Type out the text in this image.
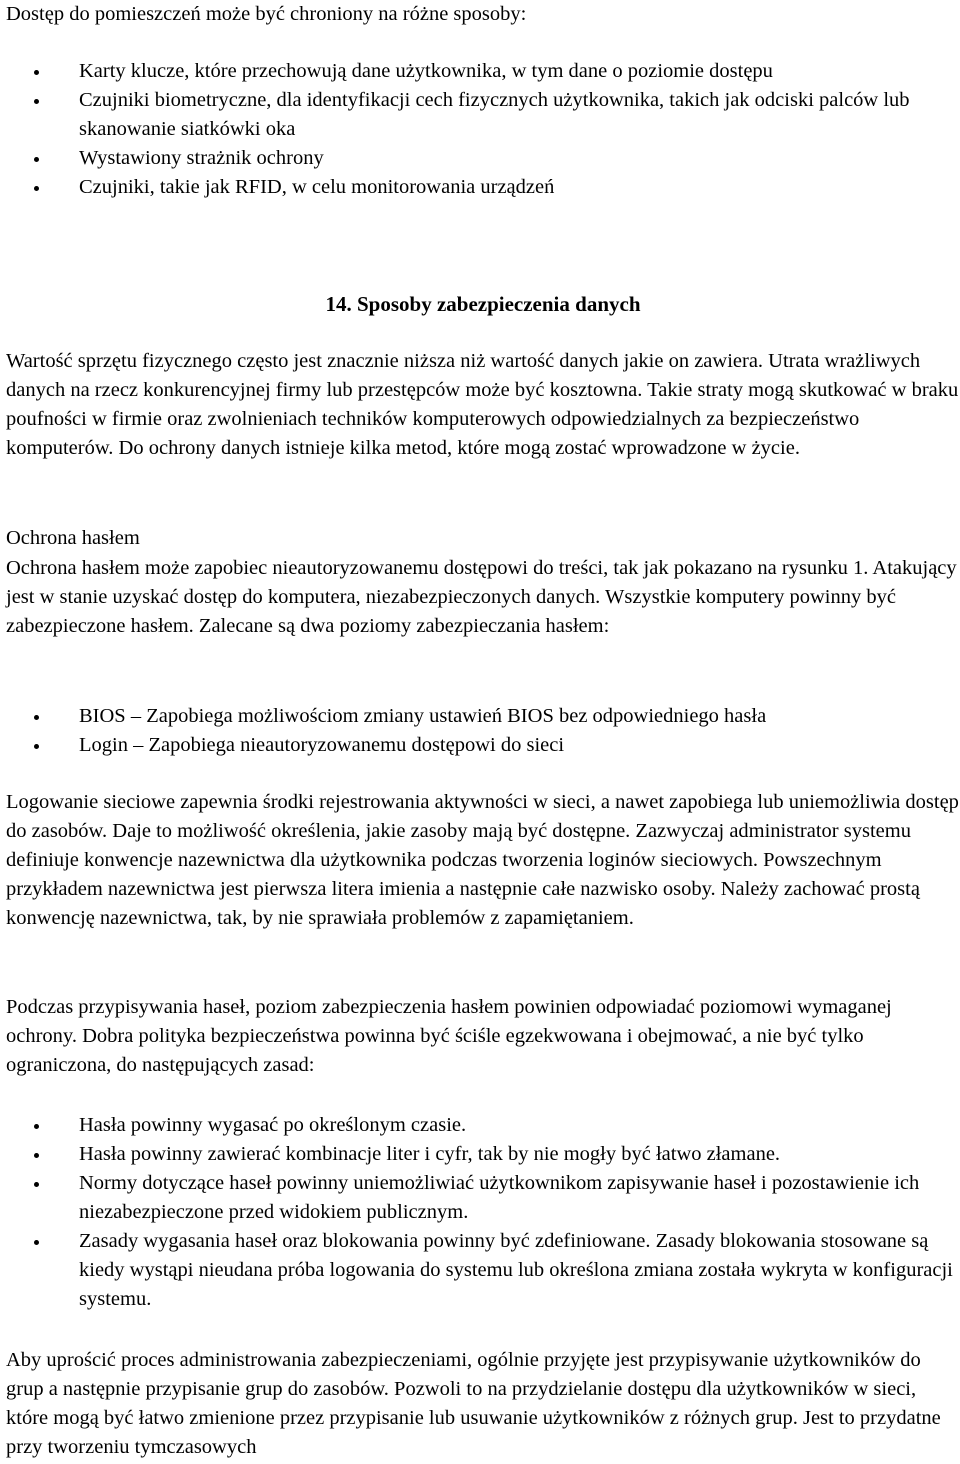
Dostęp do pomieszczeń może być chroniony na różne sposoby:

Karty klucze, które przechowują dane użytkownika, w tym dane o poziomie dostępu
Czujniki biometryczne, dla identyfikacji cech fizycznych użytkownika, takich jak odciski palców lub skanowanie siatkówki oka
Wystawiony strażnik ochrony
Czujniki, takie jak RFID, w celu monitorowania urządzeń

14. Sposoby zabezpieczenia danych

Wartość sprzętu fizycznego często jest znacznie niższa niż wartość danych jakie on zawiera. Utrata wrażliwych danych na rzecz konkurencyjnej firmy lub przestępców może być kosztowna. Takie straty mogą skutkować w braku poufności w firmie oraz zwolnieniach techników komputerowych odpowiedzialnych za bezpieczeństwo komputerów. Do ochrony danych istnieje kilka metod, które mogą zostać wprowadzone w życie.

Ochrona hasłem

Ochrona hasłem może zapobiec nieautoryzowanemu dostępowi do treści, tak jak pokazano na rysunku 1. Atakujący jest w stanie uzyskać dostęp do komputera, niezabezpieczonych danych. Wszystkie komputery powinny być zabezpieczone hasłem. Zalecane są dwa poziomy zabezpieczania hasłem:

BIOS – Zapobiega możliwościom zmiany ustawień BIOS bez odpowiedniego hasła
Login – Zapobiega nieautoryzowanemu dostępowi do sieci

Logowanie sieciowe zapewnia środki rejestrowania aktywności w sieci, a nawet zapobiega lub uniemożliwia dostęp do zasobów. Daje to możliwość określenia, jakie zasoby mają być dostępne. Zazwyczaj administrator systemu definiuje konwencje nazewnictwa dla użytkownika podczas tworzenia loginów sieciowych. Powszechnym przykładem nazewnictwa jest pierwsza litera imienia a następnie całe nazwisko osoby. Należy zachować prostą konwencję nazewnictwa, tak, by nie sprawiała problemów z zapamiętaniem.

Podczas przypisywania haseł, poziom zabezpieczenia hasłem powinien odpowiadać poziomowi wymaganej ochrony. Dobra polityka bezpieczeństwa powinna być ściśle egzekwowana i obejmować, a nie być tylko ograniczona, do następujących zasad:

Hasła powinny wygasać po określonym czasie.
Hasła powinny zawierać kombinacje liter i cyfr, tak by nie mogły być łatwo złamane.
Normy dotyczące haseł powinny uniemożliwiać użytkownikom zapisywanie haseł i pozostawienie ich niezabezpieczone przed widokiem publicznym.
Zasady wygasania haseł oraz blokowania powinny być zdefiniowane. Zasady blokowania stosowane są kiedy wystąpi nieudana próba logowania do systemu lub określona zmiana została wykryta w konfiguracji systemu.

Aby uprościć proces administrowania zabezpieczeniami, ogólnie przyjęte jest przypisywanie użytkowników do grup a następnie przypisanie grup do zasobów. Pozwoli to na przydzielanie dostępu dla użytkowników w sieci, które mogą być łatwo zmienione przez przypisanie lub usuwanie użytkowników z różnych grup. Jest to przydatne przy tworzeniu tymczasowych
